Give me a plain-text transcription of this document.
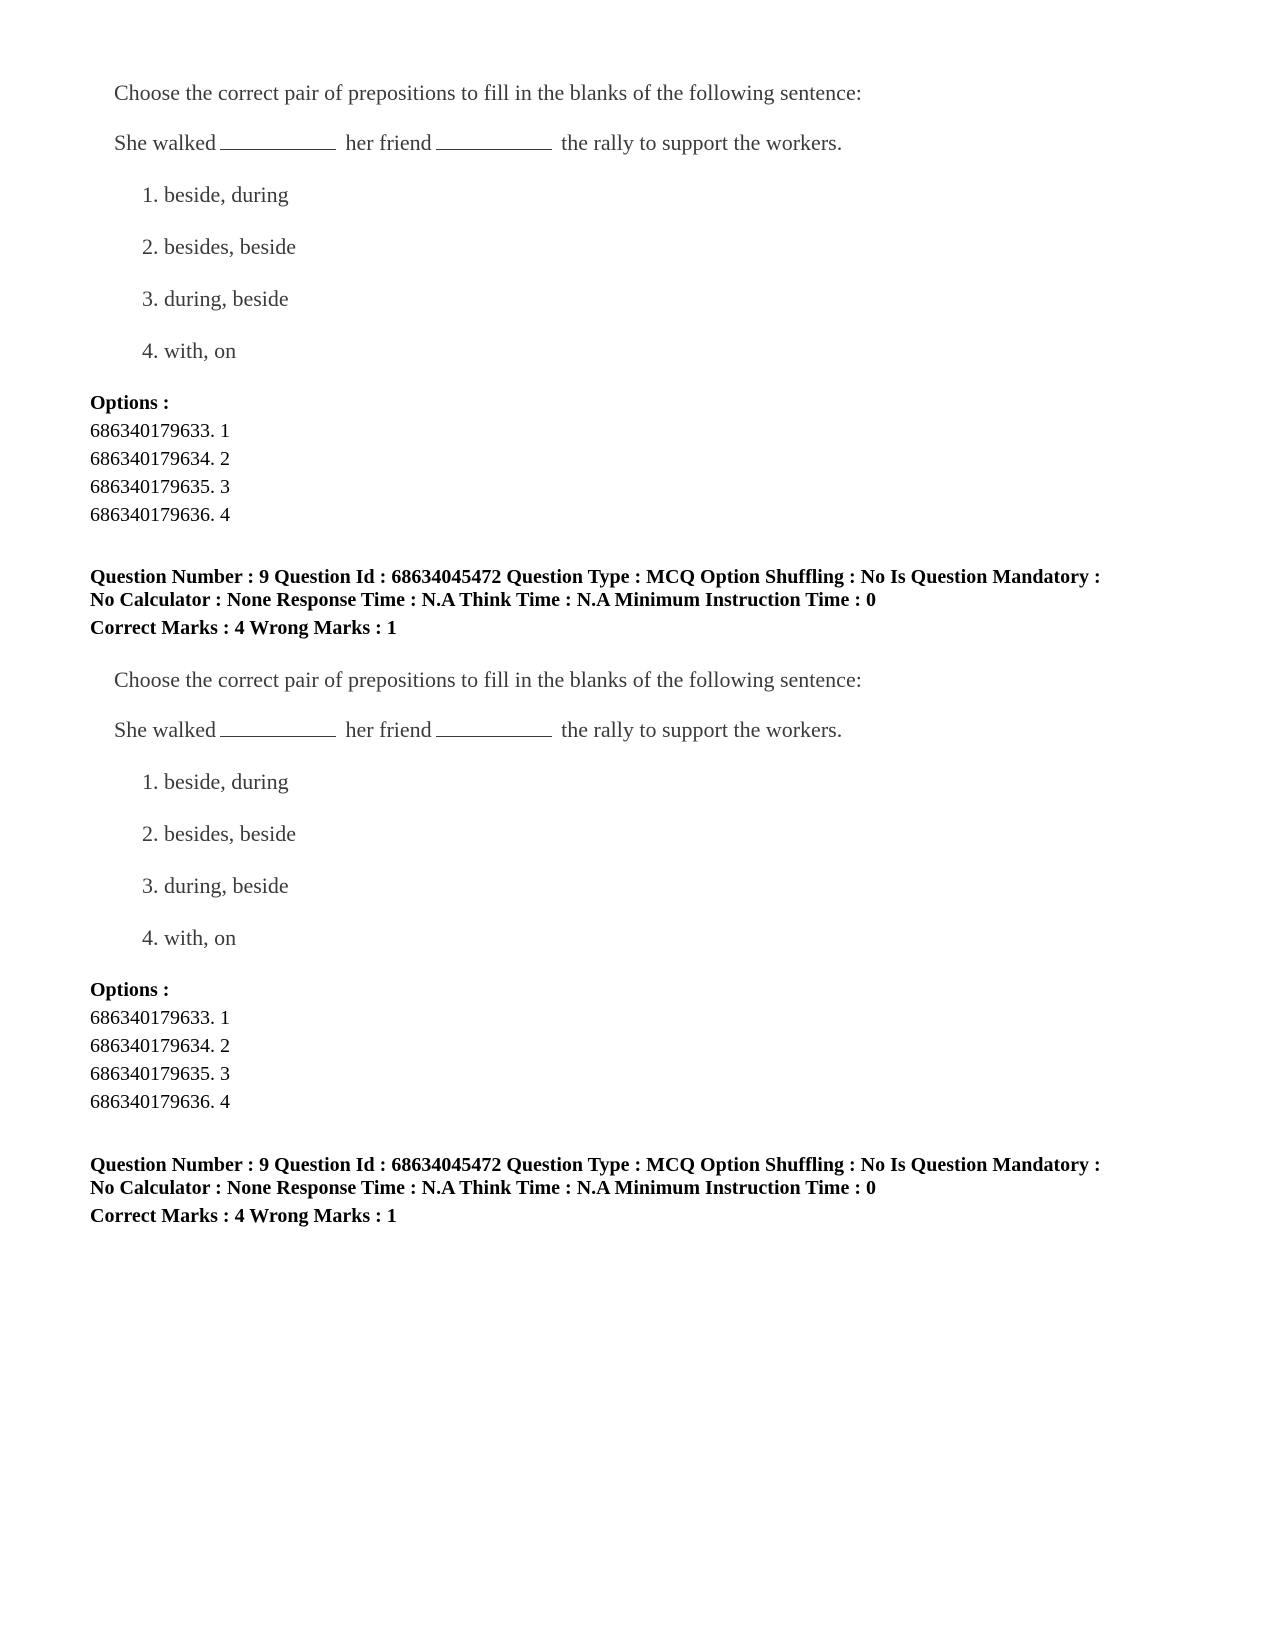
Choose the correct pair of prepositions to fill in the blanks of the following sentence:
She walked	her friend	the rally to support the workers.
1. beside, during
2. besides, beside
3. during, beside
4. with, on
Options :
686340179633. 1
686340179634. 2
686340179635. 3
686340179636. 4
Question Number : 9 Question Id : 68634045472 Question Type : MCQ Option Shuffling : No Is Question Mandatory :
No Calculator : None Response Time : N.A Think Time : N.A Minimum Instruction Time : 0
Correct Marks : 4 Wrong Marks : 1
Choose the correct pair of prepositions to fill in the blanks of the following sentence:
She walked	her friend	the rally to support the workers.
1. beside, during
2. besides, beside
3. during, beside
4. with, on
Options :
686340179633. 1
686340179634. 2
686340179635. 3
686340179636. 4
Question Number : 9 Question Id : 68634045472 Question Type : MCQ Option Shuffling : No Is Question Mandatory :
No Calculator : None Response Time : N.A Think Time : N.A Minimum Instruction Time : 0
Correct Marks : 4 Wrong Marks : 1
